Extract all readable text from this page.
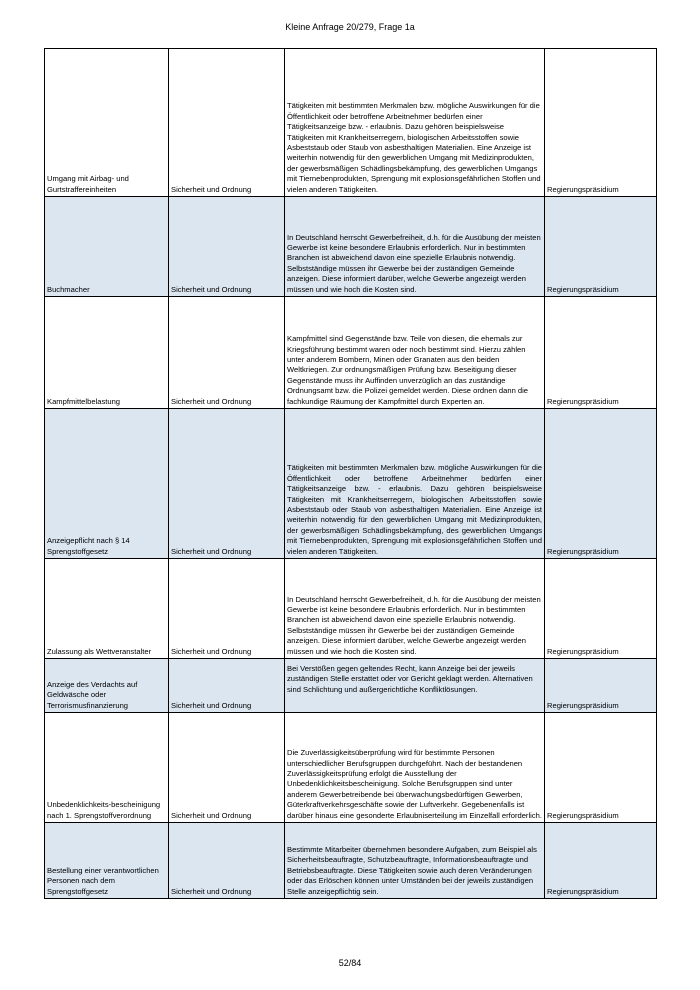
Kleine Anfrage 20/279, Frage 1a
Umgang mit Airbag- und Gurtstraffereinheiten	Sicherheit und Ordnung	Tätigkeiten mit bestimmten Merkmalen bzw. mögliche Auswirkungen für die Öffentlichkeit oder betroffene Arbeitnehmer bedürfen einer Tätigkeitsanzeige bzw. - erlaubnis. Dazu gehören beispielsweise Tätigkeiten mit Krankheitserregern, biologischen Arbeitsstoffen sowie Asbeststaub oder Staub von asbesthaltigen Materialien. Eine Anzeige ist weiterhin notwendig für den gewerblichen Umgang mit Medizinprodukten, der gewerbsmäßigen Schädlingsbekämpfung, des gewerblichen Umgangs mit Tiernebenprodukten, Sprengung mit explosionsgefährlichen Stoffen und vielen anderen Tätigkeiten.	Regierungspräsidium
Buchmacher	Sicherheit und Ordnung	In Deutschland herrscht Gewerbefreiheit, d.h. für die Ausübung der meisten Gewerbe ist keine besondere Erlaubnis erforderlich. Nur in bestimmten Branchen ist abweichend davon eine spezielle Erlaubnis notwendig. Selbstständige müssen ihr Gewerbe bei der zuständigen Gemeinde anzeigen. Diese informiert darüber, welche Gewerbe angezeigt werden müssen und wie hoch die Kosten sind.	Regierungspräsidium
Kampfmittelbelastung	Sicherheit und Ordnung	Kampfmittel sind Gegenstände bzw. Teile von diesen, die ehemals zur Kriegsführung bestimmt waren oder noch bestimmt sind. Hierzu zählen unter anderem Bombern, Minen oder Granaten aus den beiden Weltkriegen. Zur ordnungsmäßigen Prüfung bzw. Beseitigung dieser Gegenstände muss ihr Auffinden unverzüglich an das zuständige Ordnungsamt bzw. die Polizei gemeldet werden. Diese ordnen dann die fachkundige Räumung der Kampfmittel durch Experten an.	Regierungspräsidium
Anzeigepflicht nach § 14 Sprengstoffgesetz	Sicherheit und Ordnung	Tätigkeiten mit bestimmten Merkmalen bzw. mögliche Auswirkungen für die Öffentlichkeit oder betroffene Arbeitnehmer bedürfen einer Tätigkeitsanzeige bzw. - erlaubnis. Dazu gehören beispielsweise Tätigkeiten mit Krankheitserregern, biologischen Arbeitsstoffen sowie Asbeststaub oder Staub von asbesthaltigen Materialien. Eine Anzeige ist weiterhin notwendig für den gewerblichen Umgang mit Medizinprodukten, der gewerbsmäßigen Schädlingsbekämpfung, des gewerblichen Umgangs mit Tiernebenprodukten, Sprengung mit explosionsgefährlichen Stoffen und vielen anderen Tätigkeiten.	Regierungspräsidium
Zulassung als Wettveranstalter	Sicherheit und Ordnung	In Deutschland herrscht Gewerbefreiheit, d.h. für die Ausübung der meisten Gewerbe ist keine besondere Erlaubnis erforderlich. Nur in bestimmten Branchen ist abweichend davon eine spezielle Erlaubnis notwendig. Selbstständige müssen ihr Gewerbe bei der zuständigen Gemeinde anzeigen. Diese informiert darüber, welche Gewerbe angezeigt werden müssen und wie hoch die Kosten sind.	Regierungspräsidium
Anzeige des Verdachts auf Geldwäsche oder Terrorismusfinanzierung	Sicherheit und Ordnung	Bei Verstößen gegen geltendes Recht, kann Anzeige bei der jeweils zuständigen Stelle erstattet oder vor Gericht geklagt werden. Alternativen sind Schlichtung und außergerichtliche Konfliktlösungen.	Regierungspräsidium
Unbedenklichkeits-bescheinigung nach 1. Sprengstoffverordnung	Sicherheit und Ordnung	Die Zuverlässigkeitsüberprüfung wird für bestimmte Personen unterschiedlicher Berufsgruppen durchgeführt. Nach der bestandenen Zuverlässigkeitsprüfung erfolgt die Ausstellung der Unbedenklichkeitsbescheinigung. Solche Berufsgruppen sind unter anderem Gewerbetreibende bei überwachungsbedürftigen Gewerben, Güterkraftverkehrsgeschäfte sowie der Luftverkehr. Gegebenenfalls ist darüber hinaus eine gesonderte Erlaubniserteilung im Einzelfall erforderlich.	Regierungspräsidium
Bestellung einer verantwortlichen Personen nach dem Sprengstoffgesetz	Sicherheit und Ordnung	Bestimmte Mitarbeiter übernehmen besondere Aufgaben, zum Beispiel als Sicherheitsbeauftragte, Schutzbeauftragte, Informationsbeauftragte und Betriebsbeauftragte. Diese Tätigkeiten sowie auch deren Veränderungen oder das Erlöschen können unter Umständen bei der jeweils zuständigen Stelle anzeigepflichtig sein.	Regierungspräsidium
52/84
